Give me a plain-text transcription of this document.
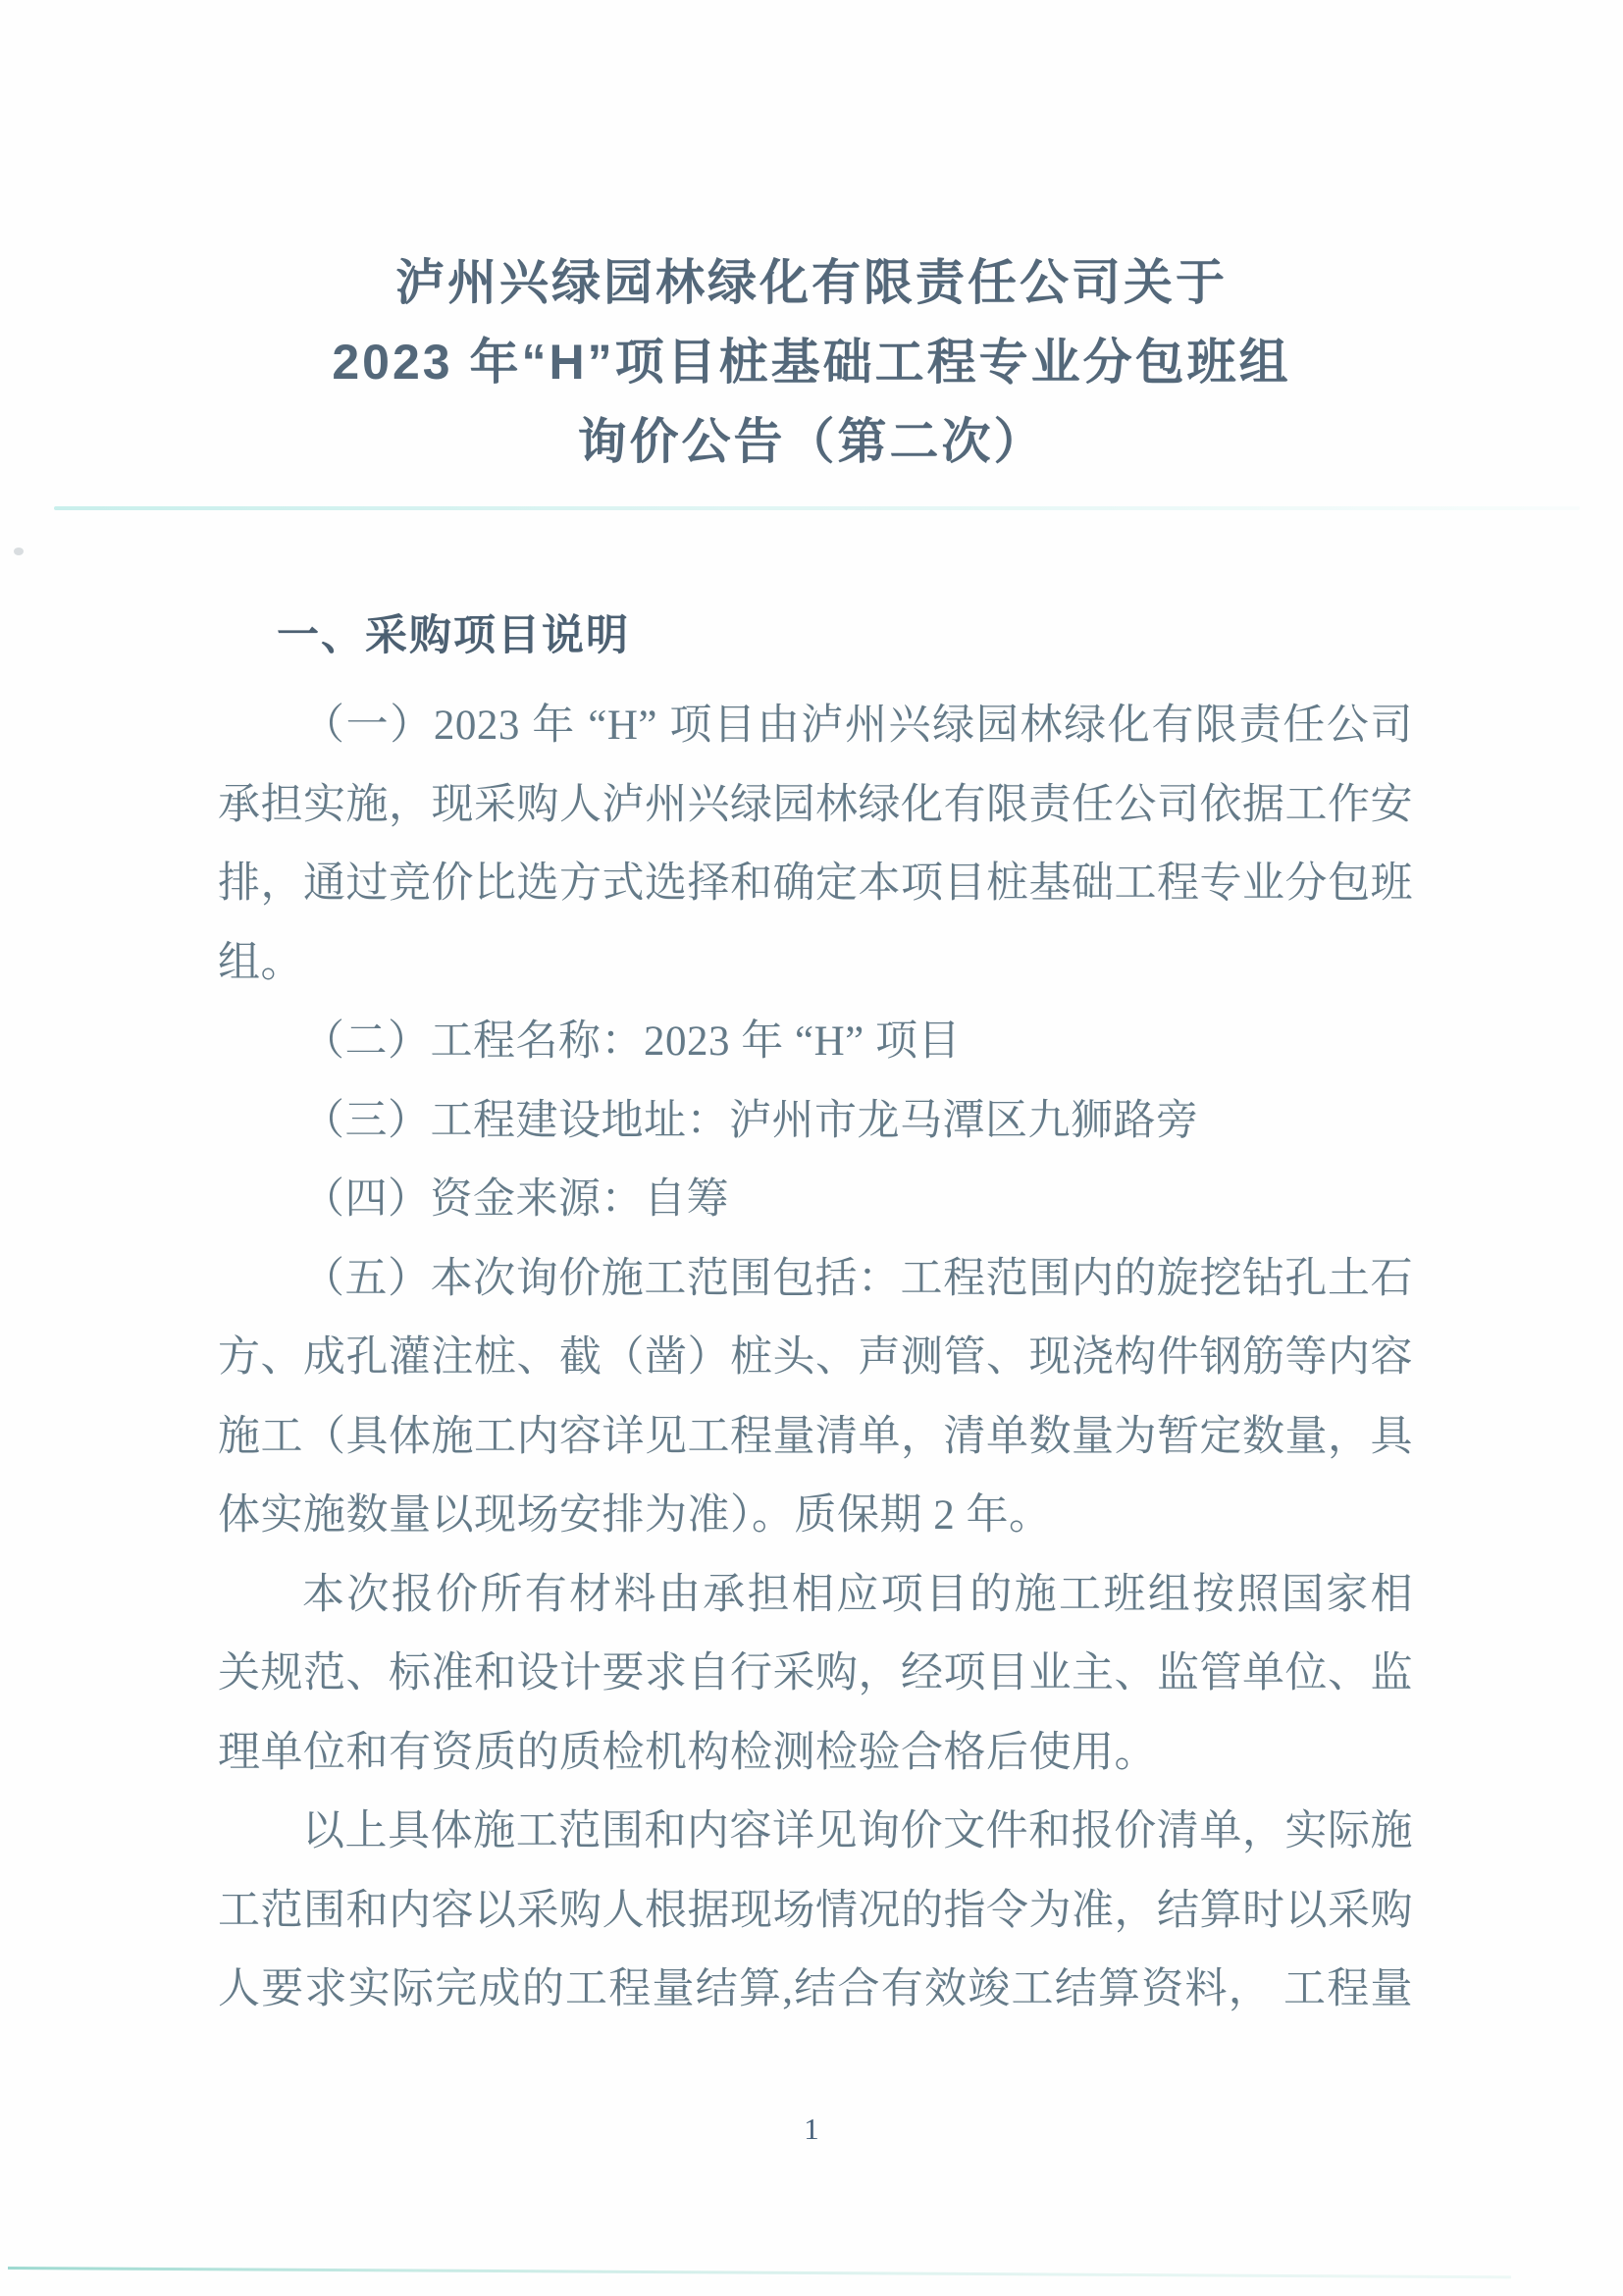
泸州兴绿园林绿化有限责任公司关于
2023 年“H”项目桩基础工程专业分包班组
询价公告（第二次）
一、采购项目说明
（一）2023 年 “H” 项目由泸州兴绿园林绿化有限责任公司
承担实施，现采购人泸州兴绿园林绿化有限责任公司依据工作安
排，通过竞价比选方式选择和确定本项目桩基础工程专业分包班
组。
（二）工程名称：2023 年 “H” 项目
（三）工程建设地址：泸州市龙马潭区九狮路旁
（四）资金来源：自筹
（五）本次询价施工范围包括：工程范围内的旋挖钻孔土石
方、成孔灌注桩、截（凿）桩头、声测管、现浇构件钢筋等内容
施工（具体施工内容详见工程量清单，清单数量为暂定数量，具
体实施数量以现场安排为准）。质保期 2 年。
本次报价所有材料由承担相应项目的施工班组按照国家相
关规范、标准和设计要求自行采购，经项目业主、监管单位、监
理单位和有资质的质检机构检测检验合格后使用。
以上具体施工范围和内容详见询价文件和报价清单，实际施
工范围和内容以采购人根据现场情况的指令为准，结算时以采购
人要求实际完成的工程量结算,结合有效竣工结算资料， 工程量
1
